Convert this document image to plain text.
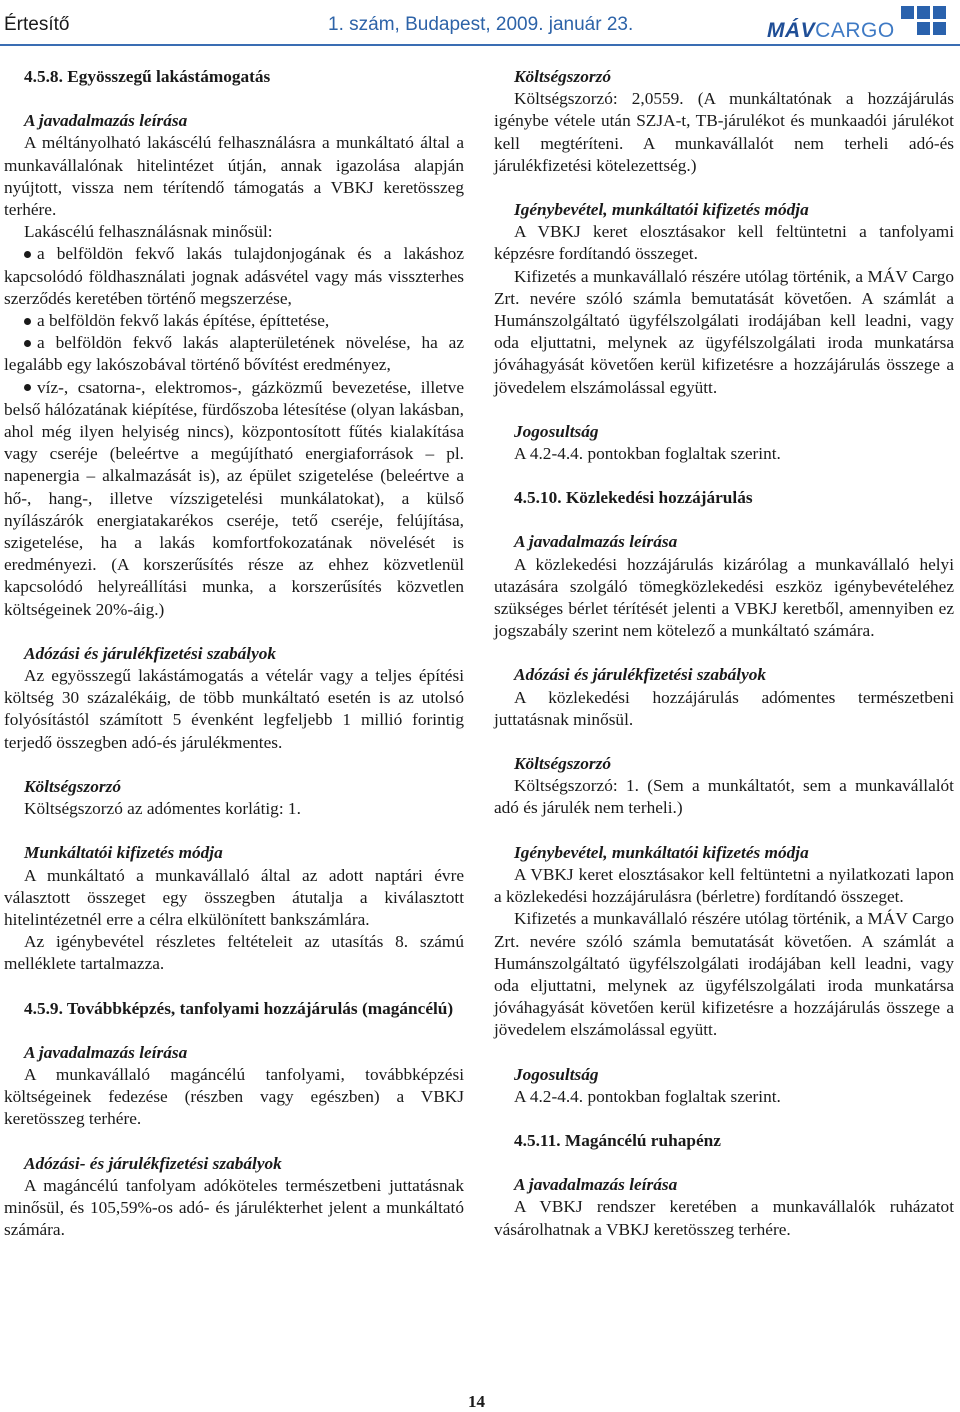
Értesítő	1. szám, Budapest, 2009. január 23.	MÁVCARGO

4.5.8. Egyösszegű lakástámogatás

A javadalmazás leírása

A méltányolható lakáscélú felhasználásra a munkáltató által a munkavállalónak hitelintézet útján, annak igazolása alapján nyújtott, vissza nem térítendő támogatás a VBKJ keretösszeg terhére.

Lakáscélú felhasználásnak minősül:

a belföldön fekvő lakás tulajdonjogának és a lakáshoz kapcsolódó földhasználati jognak adásvétel vagy más visszterhes szerződés keretében történő megszerzése,

a belföldön fekvő lakás építése, építtetése,

a belföldön fekvő lakás alapterületének növelése, ha az legalább egy lakószobával történő bővítést eredményez,

víz-, csatorna-, elektromos-, gázközmű bevezetése, illetve belső hálózatának kiépítése, fürdőszoba létesítése (olyan lakásban, ahol még ilyen helyiség nincs), központosított fűtés kialakítása vagy cseréje (beleértve a megújítható energiaforrások – pl. napenergia – alkalmazását is), az épület szigetelése (beleértve a hő-, hang-, illetve vízszigetelési munkálatokat), a külső nyílászárók energiatakarékos cseréje, tető cseréje, felújítása, szigetelése, ha a lakás komfortfokozatának növelését is eredményezi. (A korszerűsítés része az ehhez közvetlenül kapcsolódó helyreállítási munka, a korszerűsítés közvetlen költségeinek 20%-áig.)

Adózási és járulékfizetési szabályok

Az egyösszegű lakástámogatás a vételár vagy a teljes építési költség 30 százalékáig, de több munkáltató esetén is az utolsó folyósítástól számított 5 évenként legfeljebb 1 millió forintig terjedő összegben adó-és járulékmentes.

Költségszorzó

Költségszorzó az adómentes korlátig: 1.

Munkáltatói kifizetés módja

A munkáltató a munkavállaló által az adott naptári évre választott összeget egy összegben átutalja a kiválasztott hitelintézetnél erre a célra elkülönített bankszámlára.

Az igénybevétel részletes feltételeit az utasítás 8. számú melléklete tartalmazza.

4.5.9. Továbbképzés, tanfolyami hozzájárulás (magáncélú)

A javadalmazás leírása

A munkavállaló magáncélú tanfolyami, továbbképzési költségeinek fedezése (részben vagy egészben) a VBKJ keretösszeg terhére.

Adózási- és járulékfizetési szabályok

A magáncélú tanfolyam adóköteles természetbeni juttatásnak minősül, és 105,59%-os adó- és járulékterhet jelent a munkáltató számára.

Költségszorzó

Költségszorzó: 2,0559. (A munkáltatónak a hozzájárulás igénybe vétele után SZJA-t, TB-járulékot és munkaadói járulékot kell megtéríteni. A munkavállalót nem terheli adó-és járulékfizetési kötelezettség.)

Igénybevétel, munkáltatói kifizetés módja

A VBKJ keret elosztásakor kell feltüntetni a tanfolyami képzésre fordítandó összeget.

Kifizetés a munkavállaló részére utólag történik, a MÁV Cargo Zrt. nevére szóló számla bemutatását követően. A számlát a Humánszolgáltató ügyfélszolgálati irodájában kell leadni, vagy oda eljuttatni, melynek az ügyfélszolgálati iroda munkatársa jóváhagyását követően kerül kifizetésre a hozzájárulás összege a jövedelem elszámolással együtt.

Jogosultság

A 4.2-4.4. pontokban foglaltak szerint.

4.5.10. Közlekedési hozzájárulás

A javadalmazás leírása

A közlekedési hozzájárulás kizárólag a munkavállaló helyi utazására szolgáló tömegközlekedési eszköz igénybevételéhez szükséges bérlet térítését jelenti a VBKJ keretből, amennyiben ez jogszabály szerint nem kötelező a munkáltató számára.

Adózási és járulékfizetési szabályok

A közlekedési hozzájárulás adómentes természetbeni juttatásnak minősül.

Költségszorzó

Költségszorzó: 1. (Sem a munkáltatót, sem a munkavállalót adó és járulék nem terheli.)

Igénybevétel, munkáltatói kifizetés módja

A VBKJ keret elosztásakor kell feltüntetni a nyilatkozati lapon a közlekedési hozzájárulásra (bérletre) fordítandó összeget.

Kifizetés a munkavállaló részére utólag történik, a MÁV Cargo Zrt. nevére szóló számla bemutatását követően. A számlát a Humánszolgáltató ügyfélszolgálati irodájában kell leadni, vagy oda eljuttatni, melynek az ügyfélszolgálati iroda munkatársa jóváhagyását követően kerül kifizetésre a hozzájárulás összege a jövedelem elszámolással együtt.

Jogosultság

A 4.2-4.4. pontokban foglaltak szerint.

4.5.11. Magáncélú ruhapénz

A javadalmazás leírása

A VBKJ rendszer keretében a munkavállalók ruházatot vásárolhatnak a VBKJ keretösszeg terhére.

14
